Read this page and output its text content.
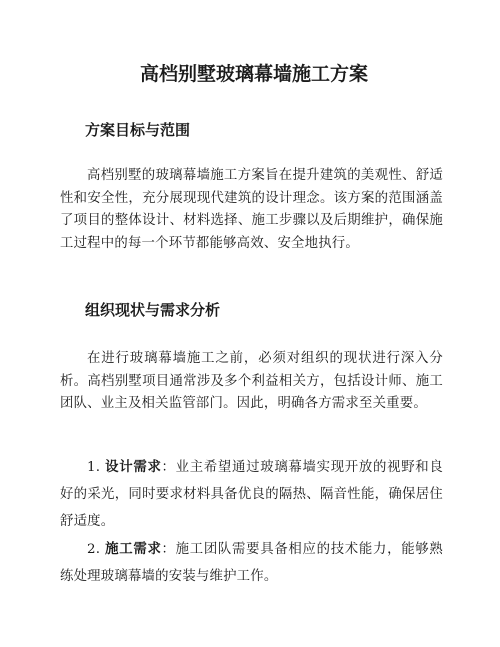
高档别墅玻璃幕墙施工方案
方案目标与范围

高档别墅的玻璃幕墙施工方案旨在提升建筑的美观性、舒适性和安全性，充分展现现代建筑的设计理念。该方案的范围涵盖了项目的整体设计、材料选择、施工步骤以及后期维护，确保施工过程中的每一个环节都能够高效、安全地执行。

组织现状与需求分析

在进行玻璃幕墙施工之前，必须对组织的现状进行深入分析。高档别墅项目通常涉及多个利益相关方，包括设计师、施工团队、业主及相关监管部门。因此，明确各方需求至关重要。

1. 设计需求：业主希望通过玻璃幕墙实现开放的视野和良好的采光，同时要求材料具备优良的隔热、隔音性能，确保居住舒适度。

2. 施工需求：施工团队需要具备相应的技术能力，能够熟练处理玻璃幕墙的安装与维护工作。
